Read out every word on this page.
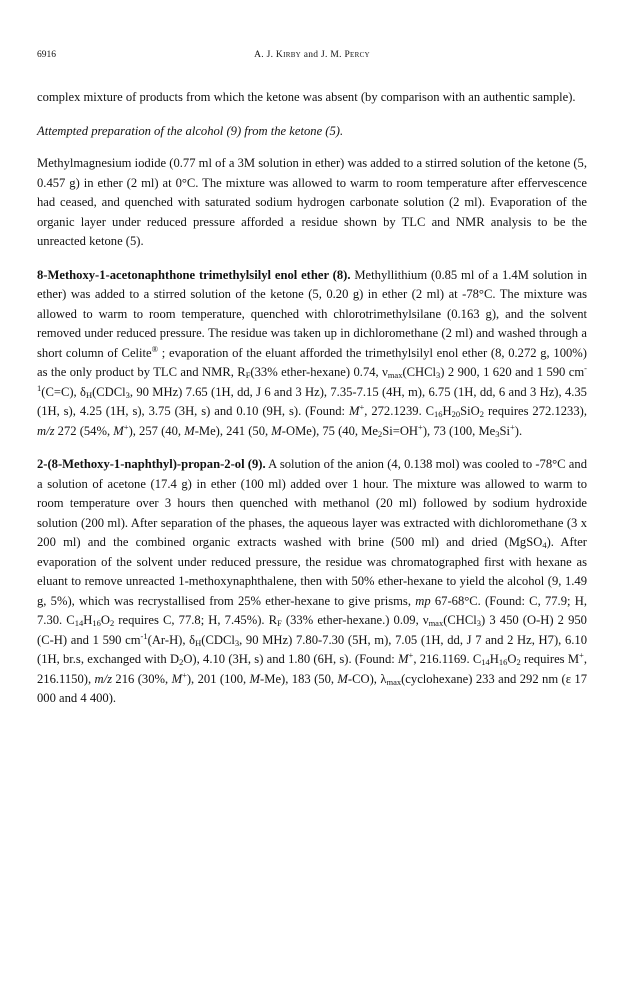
6916	A. J. Kirby and J. M. Percy

complex mixture of products from which the ketone was absent (by comparison with an authentic sample).

Attempted preparation of the alcohol (9) from the ketone (5).

Methylmagnesium iodide (0.77 ml of a 3M solution in ether) was added to a stirred solution of the ketone (5, 0.457 g) in ether (2 ml) at 0°C. The mixture was allowed to warm to room temperature after effervescence had ceased, and quenched with saturated sodium hydrogen carbonate solution (2 ml). Evaporation of the organic layer under reduced pressure afforded a residue shown by TLC and NMR analysis to be the unreacted ketone (5).

8-Methoxy-1-acetonaphthone trimethylsilyl enol ether (8). Methyllithium (0.85 ml of a 1.4M solution in ether) was added to a stirred solution of the ketone (5, 0.20 g) in ether (2 ml) at -78°C. The mixture was allowed to warm to room temperature, quenched with chlorotrimethylsilane (0.163 g), and the solvent removed under reduced pressure. The residue was taken up in dichloromethane (2 ml) and washed through a short column of Celite® ; evaporation of the eluant afforded the trimethylsilyl enol ether (8, 0.272 g, 100%) as the only product by TLC and NMR, $R_F(33\%$ ether-hexane) 0.74, $\nu_{max}(CHCl_3)$ 2 900, 1 620 and 1 590 $cm^{-1}(C=C)$, $\delta_H(CDCl_3$, 90 MHz) 7.65 (1H, dd, J 6 and 3 Hz), 7.35-7.15 (4H, m), 6.75 (1H, dd, 6 and 3 Hz), 4.35 (1H, s), 4.25 (1H, s), 3.75 (3H, s) and 0.10 (9H, s). (Found: M+, 272.1239. $C_{16}H_{20}SiO_2$ requires 272.1233), m/z 272 (54%, M+), 257 (40, M-Me), 241 (50, M-OMe), 75 (40, $Me_2Si=OH^+$), 73 (100, $Me_3Si^+$).

2-(8-Methoxy-1-naphthyl)-propan-2-ol (9). A solution of the anion (4, 0.138 mol) was cooled to -78°C and a solution of acetone (17.4 g) in ether (100 ml) added over 1 hour. The mixture was allowed to warm to room temperature over 3 hours then quenched with methanol (20 ml) followed by sodium hydroxide solution (200 ml). After separation of the phases, the aqueous layer was extracted with dichloromethane (3 x 200 ml) and the combined organic extracts washed with brine (500 ml) and dried (MgSO$_4$). After evaporation of the solvent under reduced pressure, the residue was chromatographed first with hexane as eluant to remove unreacted 1-methoxynaphthalene, then with 50% ether-hexane to yield the alcohol (9, 1.49 g, 5%), which was recrystallised from 25% ether-hexane to give prisms, mp 67-68°C. (Found: C, 77.9; H, 7.30. $C_{14}H_{16}O_2$ requires C, 77.8; H, 7.45%). $R_F$ (33% ether-hexane.) 0.09, $\nu_{max}(CHCl_3)$ 3 450 (O-H) 2 950 (C-H) and 1 590 $cm^{-1}(Ar-H)$, $\delta_H(CDCl_3$, 90 MHz) 7.80-7.30 (5H, m), 7.05 (1H, dd, J 7 and 2 Hz, H7), 6.10 (1H, br.s, exchanged with $D_2O$), 4.10 (3H, s) and 1.80 (6H, s). (Found: M+, 216.1169. $C_{14}H_{16}O_2$ requires M+, 216.1150), m/z 216 (30%, M+), 201 (100, M-Me), 183 (50, M-CO), $\lambda_{max}(cyclohexane)$ 233 and 292 nm (ε 17 000 and 4 400).
